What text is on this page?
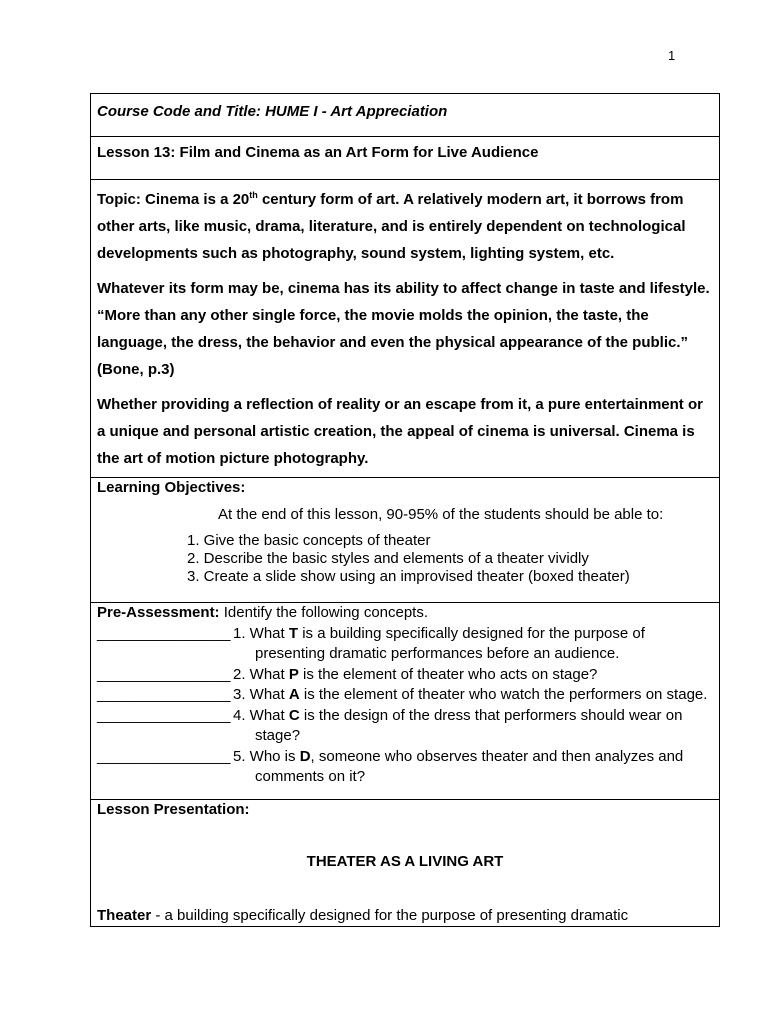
1
Course Code and Title: HUME I - Art Appreciation
Lesson 13: Film and Cinema as an Art Form for Live Audience

Topic: Cinema is a 20th century form of art. A relatively modern art, it borrows from other arts, like music, drama, literature, and is entirely dependent on technological developments such as photography, sound system, lighting system, etc.

Whatever its form may be, cinema has its ability to affect change in taste and lifestyle. “More than any other single force, the movie molds the opinion, the taste, the language, the dress, the behavior and even the physical appearance of the public.” (Bone, p.3)

Whether providing a reflection of reality or an escape from it, a pure entertainment or a unique and personal artistic creation, the appeal of cinema is universal. Cinema is the art of motion picture photography.

Learning Objectives:
At the end of this lesson, 90-95% of the students should be able to:
1. Give the basic concepts of theater
2. Describe the basic styles and elements of a theater vividly
3. Create a slide show using an improvised theater (boxed theater)
Pre-Assessment: Identify the following concepts.
________________ 1. What T is a building specifically designed for the purpose of
presenting dramatic performances before an audience.
________________ 2. What P is the element of theater who acts on stage?
________________ 3. What A is the element of theater who watch the performers on stage.
________________ 4. What C is the design of the dress that performers should wear on
stage?
________________ 5. Who is D, someone who observes theater and then analyzes and
comments on it?
Lesson Presentation:
THEATER AS A LIVING ART
Theater - a building specifically designed for the purpose of presenting dramatic
